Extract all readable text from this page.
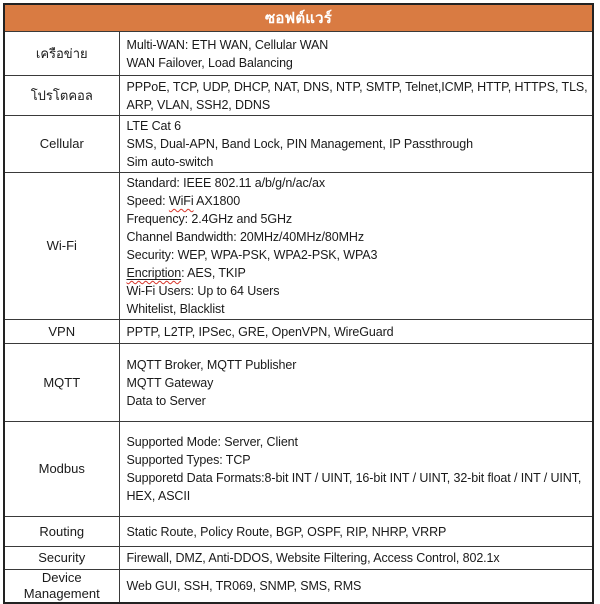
ซอฟต์แวร์	
เครือข่าย	Multi-WAN: ETH WAN, Cellular WAN
WAN Failover, Load Balancing

โปรโตคอล	PPPoE, TCP, UDP, DHCP, NAT, DNS, NTP, SMTP, Telnet,ICMP, HTTP, HTTPS, TLS, ARP, VLAN, SSH2, DDNS

Cellular	LTE Cat 6
SMS, Dual-APN, Band Lock, PIN Management, IP Passthrough
Sim auto-switch

Wi-Fi	
Standard: IEEE 802.11 a/b/g/n/ac/ax
Speed: WiFi AX1800
Frequency: 2.4GHz and 5GHz
Channel Bandwidth: 20MHz/40MHz/80MHz
Security: WEP, WPA-PSK, WPA2-PSK, WPA3
Encription: AES, TKIP
Wi-Fi Users: Up to 64 Users
Whitelist, Blacklist

VPN	PPTP, L2TP, IPSec, GRE, OpenVPN, WireGuard

MQTT	MQTT Broker, MQTT Publisher
MQTT Gateway
Data to Server

Modbus	Supported Mode: Server, Client
Supported Types: TCP
Supporetd Data Formats:8-bit INT / UINT, 16-bit INT / UINT, 32-bit float / INT / UINT, HEX, ASCII

Routing	Static Route, Policy Route, BGP, OSPF, RIP, NHRP, VRRP

Security	Firewall, DMZ, Anti-DDOS, Website Filtering, Access Control, 802.1x

Device Management	Web GUI, SSH, TR069, SNMP, SMS, RMS
